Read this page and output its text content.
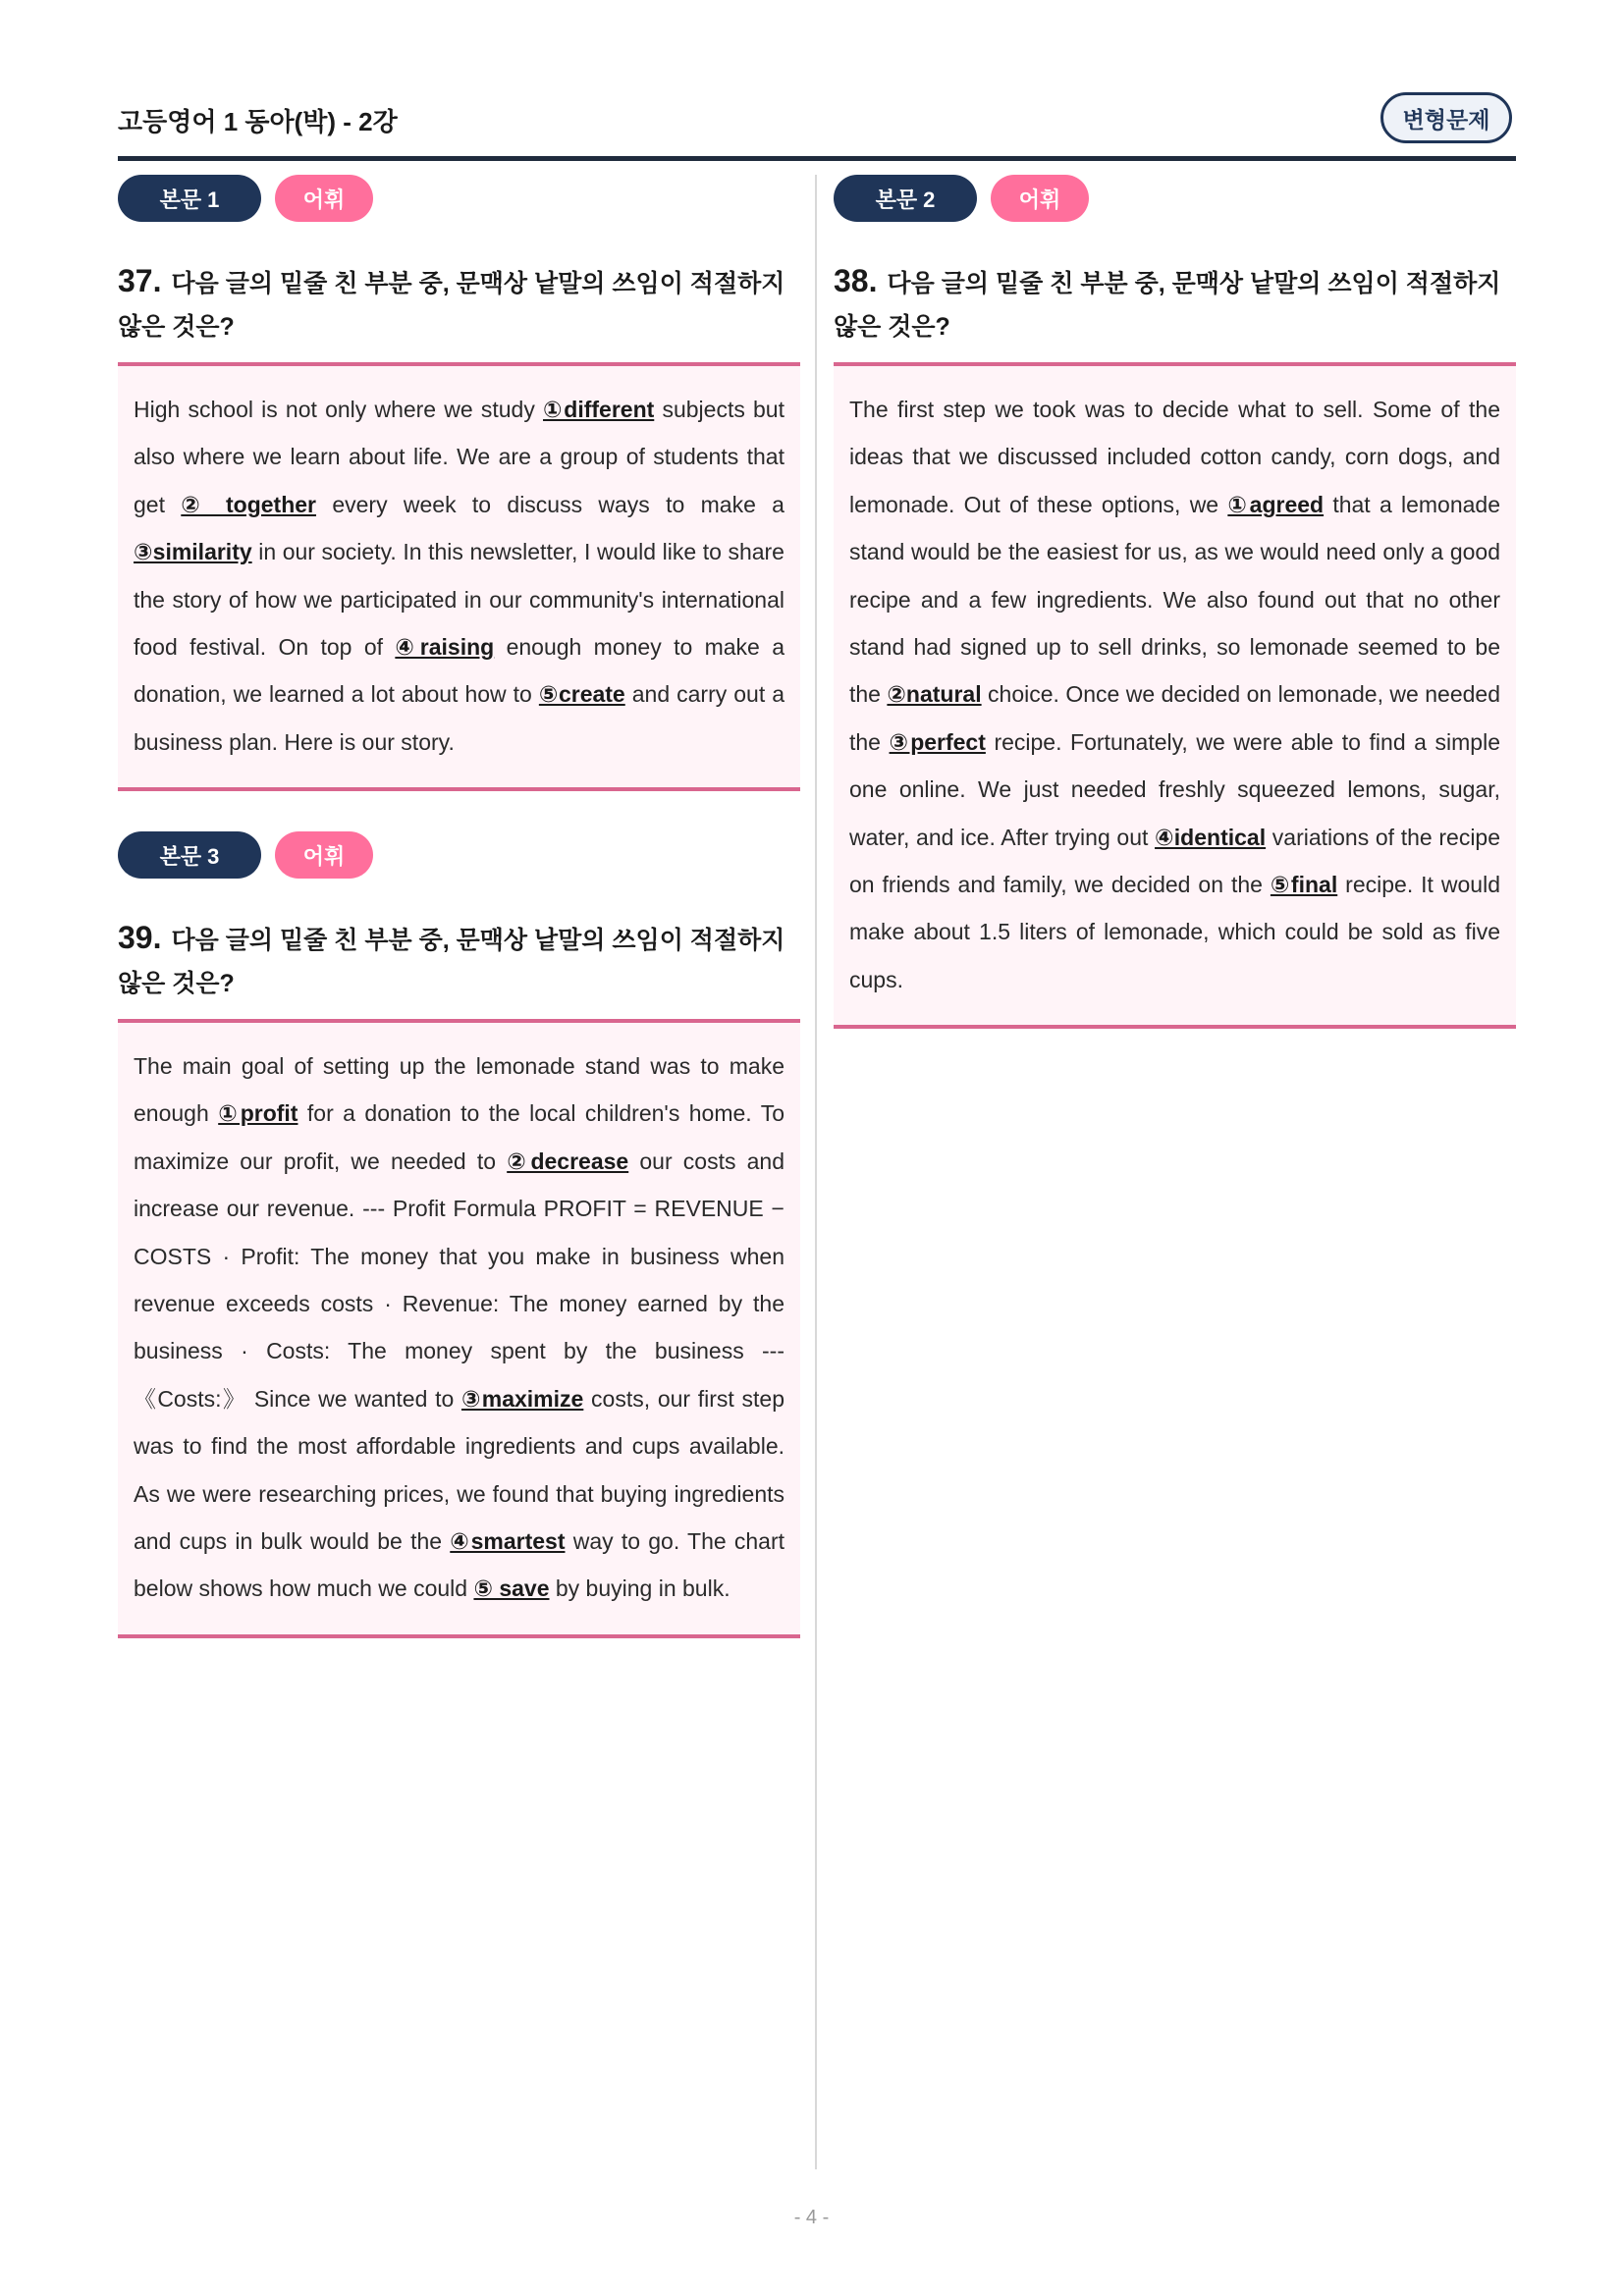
고등영어 1 동아(박) - 2강	변형문제
본문 1	어휘
37. 다음 글의 밑줄 친 부분 중, 문맥상 낱말의 쓰임이 적절하지 않은 것은?
High school is not only where we study ①different subjects but also where we learn about life. We are a group of students that get ② together every week to discuss ways to make a ③similarity in our society. In this newsletter, I would like to share the story of how we participated in our community's international food festival. On top of ④raising enough money to make a donation, we learned a lot about how to ⑤create and carry out a business plan. Here is our story.
본문 2	어휘
38. 다음 글의 밑줄 친 부분 중, 문맥상 낱말의 쓰임이 적절하지 않은 것은?
The first step we took was to decide what to sell. Some of the ideas that we discussed included cotton candy, corn dogs, and lemonade. Out of these options, we ①agreed that a lemonade stand would be the easiest for us, as we would need only a good recipe and a few ingredients. We also found out that no other stand had signed up to sell drinks, so lemonade seemed to be the ②natural choice. Once we decided on lemonade, we needed the ③perfect recipe. Fortunately, we were able to find a simple one online. We just needed freshly squeezed lemons, sugar, water, and ice. After trying out ④identical variations of the recipe on friends and family, we decided on the ⑤final recipe. It would make about 1.5 liters of lemonade, which could be sold as five cups.
본문 3	어휘
39. 다음 글의 밑줄 친 부분 중, 문맥상 낱말의 쓰임이 적절하지 않은 것은?
The main goal of setting up the lemonade stand was to make enough ①profit for a donation to the local children's home. To maximize our profit, we needed to ②decrease our costs and increase our revenue. --- Profit Formula PROFIT = REVENUE − COSTS · Profit: The money that you make in business when revenue exceeds costs · Revenue: The money earned by the business · Costs: The money spent by the business --- 《Costs:》 Since we wanted to ③maximize costs, our first step was to find the most affordable ingredients and cups available. As we were researching prices, we found that buying ingredients and cups in bulk would be the ④smartest way to go. The chart below shows how much we could ⑤ save by buying in bulk.
- 4 -
